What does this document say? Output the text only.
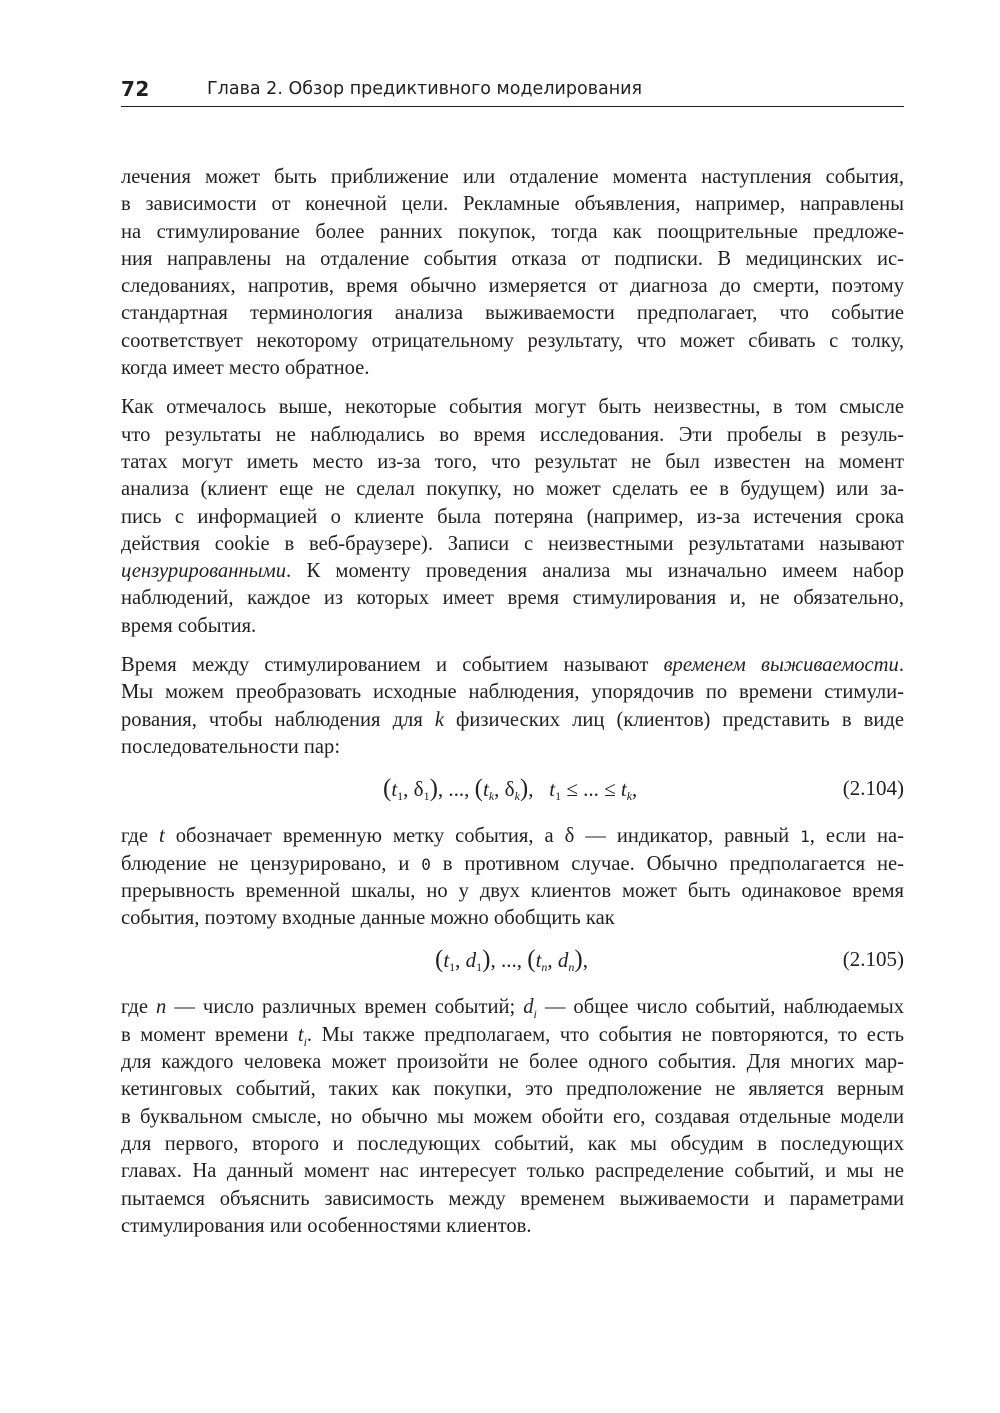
72	Глава 2. Обзор предиктивного моделирования
лечения может быть приближение или отдаление момента наступления события,
в зависимости от конечной цели. Рекламные объявления, например, направлены
на стимулирование более ранних покупок, тогда как поощрительные предложе-
ния направлены на отдаление события отказа от подписки. В медицинских ис-
следованиях, напротив, время обычно измеряется от диагноза до смерти, поэтому
стандартная терминология анализа выживаемости предполагает, что событие
соответствует некоторому отрицательному результату, что может сбивать с толку,
когда имеет место обратное.
Как отмечалось выше, некоторые события могут быть неизвестны, в том смысле
что результаты не наблюдались во время исследования. Эти пробелы в резуль-
татах могут иметь место из-за того, что результат не был известен на момент
анализа (клиент еще не сделал покупку, но может сделать ее в будущем) или за-
пись с информацией о клиенте была потеряна (например, из-за истечения срока
действия cookie в веб-браузере). Записи с неизвестными результатами называют
цензурированными. К моменту проведения анализа мы изначально имеем набор
наблюдений, каждое из которых имеет время стимулирования и, не обязательно,
время события.
Время между стимулированием и событием называют временем выживаемости.
Мы можем преобразовать исходные наблюдения, упорядочив по времени стимули-
рования, чтобы наблюдения для k физических лиц (клиентов) представить в виде
последовательности пар:
($t_1$, $\delta_1$), ..., ($t_k$, $\delta_k$), $t_1$ ≤ ... ≤ $t_k$,	(2.104)
где t обозначает временную метку события, а δ — индикатор, равный 1, если на-
блюдение не цензурировано, и 0 в противном случае. Обычно предполагается не-
прерывность временной шкалы, но у двух клиентов может быть одинаковое время
события, поэтому входные данные можно обобщить как
($t_1$, $d_1$), ..., ($t_n$, $d_n$),	(2.105)
где n — число различных времен событий; $d_i$ — общее число событий, наблюдаемых
в момент времени $t_i$. Мы также предполагаем, что события не повторяются, то есть
для каждого человека может произойти не более одного события. Для многих мар-
кетинговых событий, таких как покупки, это предположение не является верным
в буквальном смысле, но обычно мы можем обойти его, создавая отдельные модели
для первого, второго и последующих событий, как мы обсудим в последующих
главах. На данный момент нас интересует только распределение событий, и мы не
пытаемся объяснить зависимость между временем выживаемости и параметрами
стимулирования или особенностями клиентов.
